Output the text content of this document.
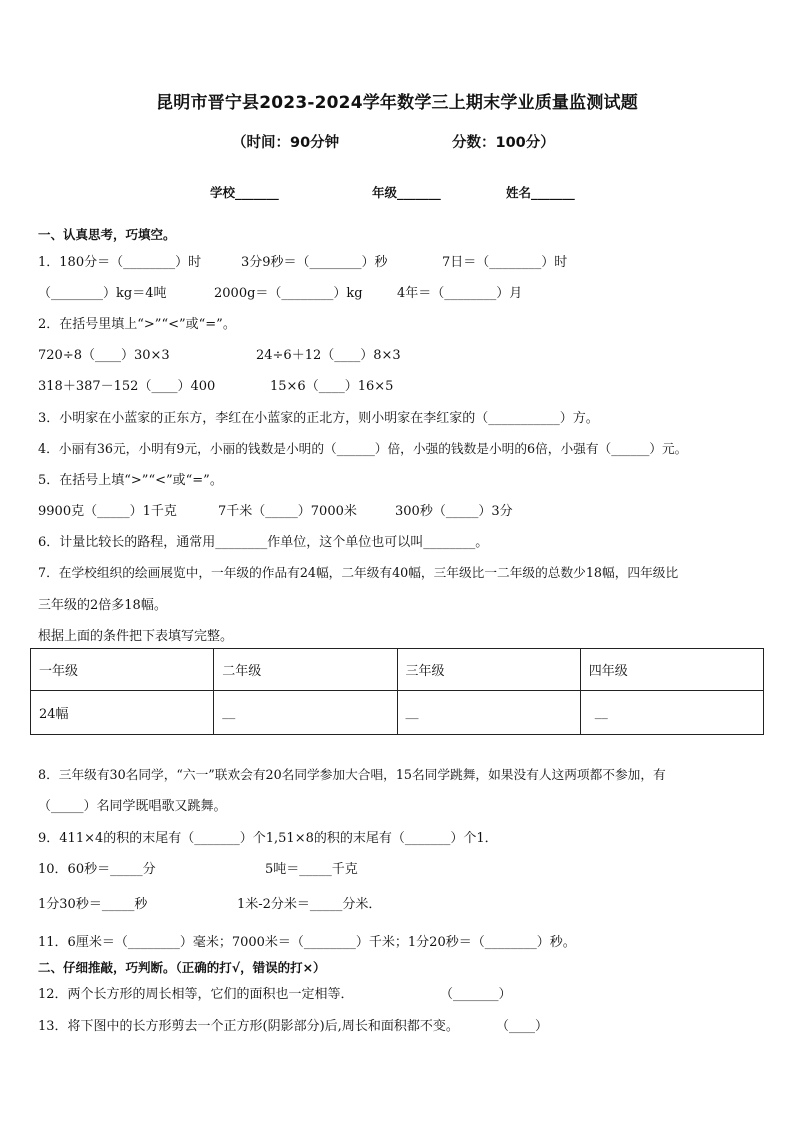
昆明市晋宁县2023-2024学年数学三上期末学业质量监测试题
（时间：90分钟	分数：100分）
学校_______	年级_______	姓名_______
一、认真思考，巧填空。
1．180分＝（________）时	3分9秒＝（________）秒	7日＝（________）时
（________）kg＝4吨	2000g＝（________）kg	4年＝（________）月
2．在括号里填上“>”“<”或“=”。
720÷8（____）30×3	24÷6＋12（____）8×3
318＋387－152（____）400	15×6（____）16×5
3．小明家在小蓝家的正东方，李红在小蓝家的正北方，则小明家在李红家的（___________）方。
4．小丽有36元，小明有9元，小丽的钱数是小明的（______）倍，小强的钱数是小明的6倍，小强有（______）元。
5．在括号上填“>”“<”或“=”。
9900克（_____）1千克	7千米（_____）7000米	300秒（_____）3分
6．计量比较长的路程，通常用________作单位，这个单位也可以叫________。
7．在学校组织的绘画展览中，一年级的作品有24幅，二年级有40幅，三年级比一二年级的总数少18幅，四年级比
三年级的2倍多18幅。
根据上面的条件把下表填写完整。
一年级	二年级	三年级	四年级
24幅	__	__	__
8．三年级有30名同学，“六一”联欢会有20名同学参加大合唱，15名同学跳舞，如果没有人这两项都不参加，有
（_____）名同学既唱歌又跳舞。
9．411×4的积的末尾有（_______）个1,51×8的积的末尾有（_______）个1．
10．60秒＝_____分	5吨＝_____千克
1分30秒＝_____秒	1米-2分米＝_____分米．
11．6厘米＝（________）毫米；7000米＝（________）千米；1分20秒＝（________）秒。
二、仔细推敲，巧判断。（正确的打√，错误的打×）
12．两个长方形的周长相等，它们的面积也一定相等．	（_______）
13．将下图中的长方形剪去一个正方形(阴影部分)后,周长和面积都不变。	（____）
